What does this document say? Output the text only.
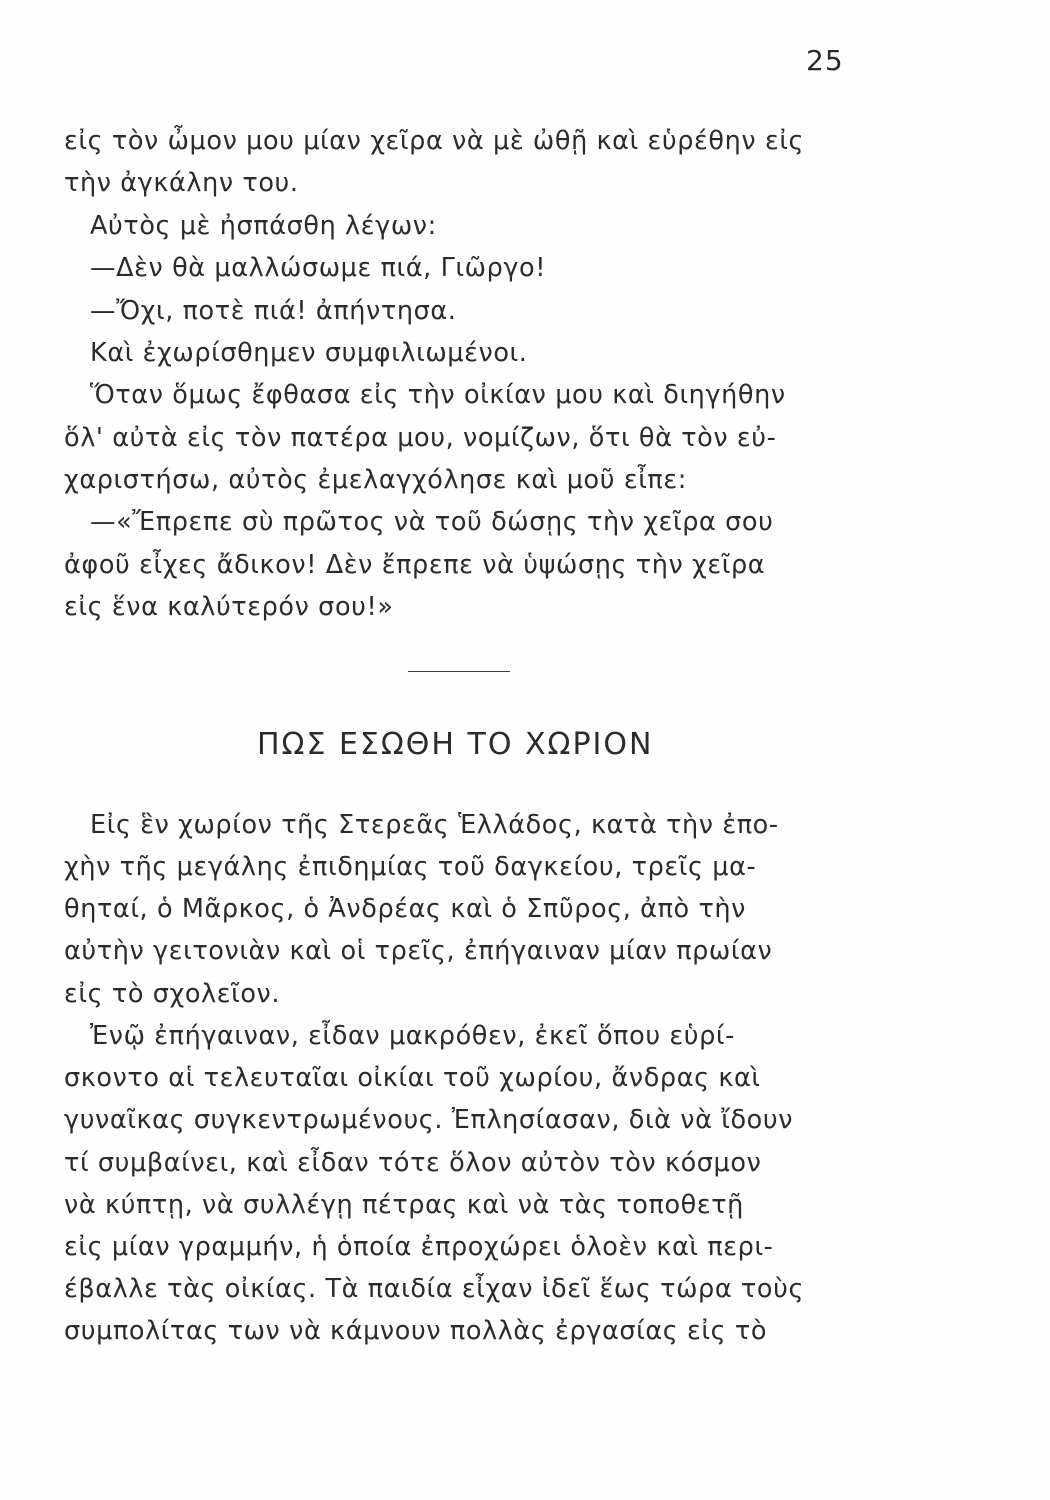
25
εἰς τὸν ὦμον μου μίαν χεῖρα νὰ μὲ ὠθῇ καὶ εὑρέθην εἰς
τὴν ἀγκάλην του.
Αὐτὸς μὲ ἠσπάσθη λέγων:
—Δὲν θὰ μαλλώσωμε πιά, Γιῶργο!
—Ὄχι, ποτὲ πιά! ἀπήντησα.
Καὶ ἐχωρίσθημεν συμφιλιωμένοι.
Ὅταν ὅμως ἔφθασα εἰς τὴν οἰκίαν μου καὶ διηγήθην
ὅλ' αὐτὰ εἰς τὸν πατέρα μου, νομίζων, ὅτι θὰ τὸν εὐ-
χαριστήσω, αὐτὸς ἐμελαγχόλησε καὶ μοῦ εἶπε:
—«Ἔπρεπε σὺ πρῶτος νὰ τοῦ δώσῃς τὴν χεῖρα σου
ἀφοῦ εἶχες ἄδικον! Δὲν ἔπρεπε νὰ ὑψώσῃς τὴν χεῖρα
εἰς ἕνα καλύτερόν σου!»
ΠΩΣ ΕΣΩΘΗ ΤΟ ΧΩΡΙΟΝ
Εἰς ἓν χωρίον τῆς Στερεᾶς Ἑλλάδος, κατὰ τὴν ἐπο-
χὴν τῆς μεγάλης ἐπιδημίας τοῦ δαγκείου, τρεῖς μα-
θηταί, ὁ Μᾶρκος, ὁ Ἀνδρέας καὶ ὁ Σπῦρος, ἀπὸ τὴν
αὐτὴν γειτονιὰν καὶ οἱ τρεῖς, ἐπήγαιναν μίαν πρωίαν
εἰς τὸ σχολεῖον.
Ἐνῷ ἐπήγαιναν, εἶδαν μακρόθεν, ἐκεῖ ὅπου εὑρί-
σκοντο αἱ τελευταῖαι οἰκίαι τοῦ χωρίου, ἄνδρας καὶ
γυναῖκας συγκεντρωμένους. Ἐπλησίασαν, διὰ νὰ ἴδουν
τί συμβαίνει, καὶ εἶδαν τότε ὅλον αὐτὸν τὸν κόσμον
νὰ κύπτῃ, νὰ συλλέγῃ πέτρας καὶ νὰ τὰς τοποθετῇ
εἰς μίαν γραμμήν, ἡ ὁποία ἐπροχώρει ὁλοὲν καὶ περι-
έβαλλε τὰς οἰκίας. Τὰ παιδία εἶχαν ἰδεῖ ἕως τώρα τοὺς
συμπολίτας των νὰ κάμνουν πολλὰς ἐργασίας εἰς τὸ
